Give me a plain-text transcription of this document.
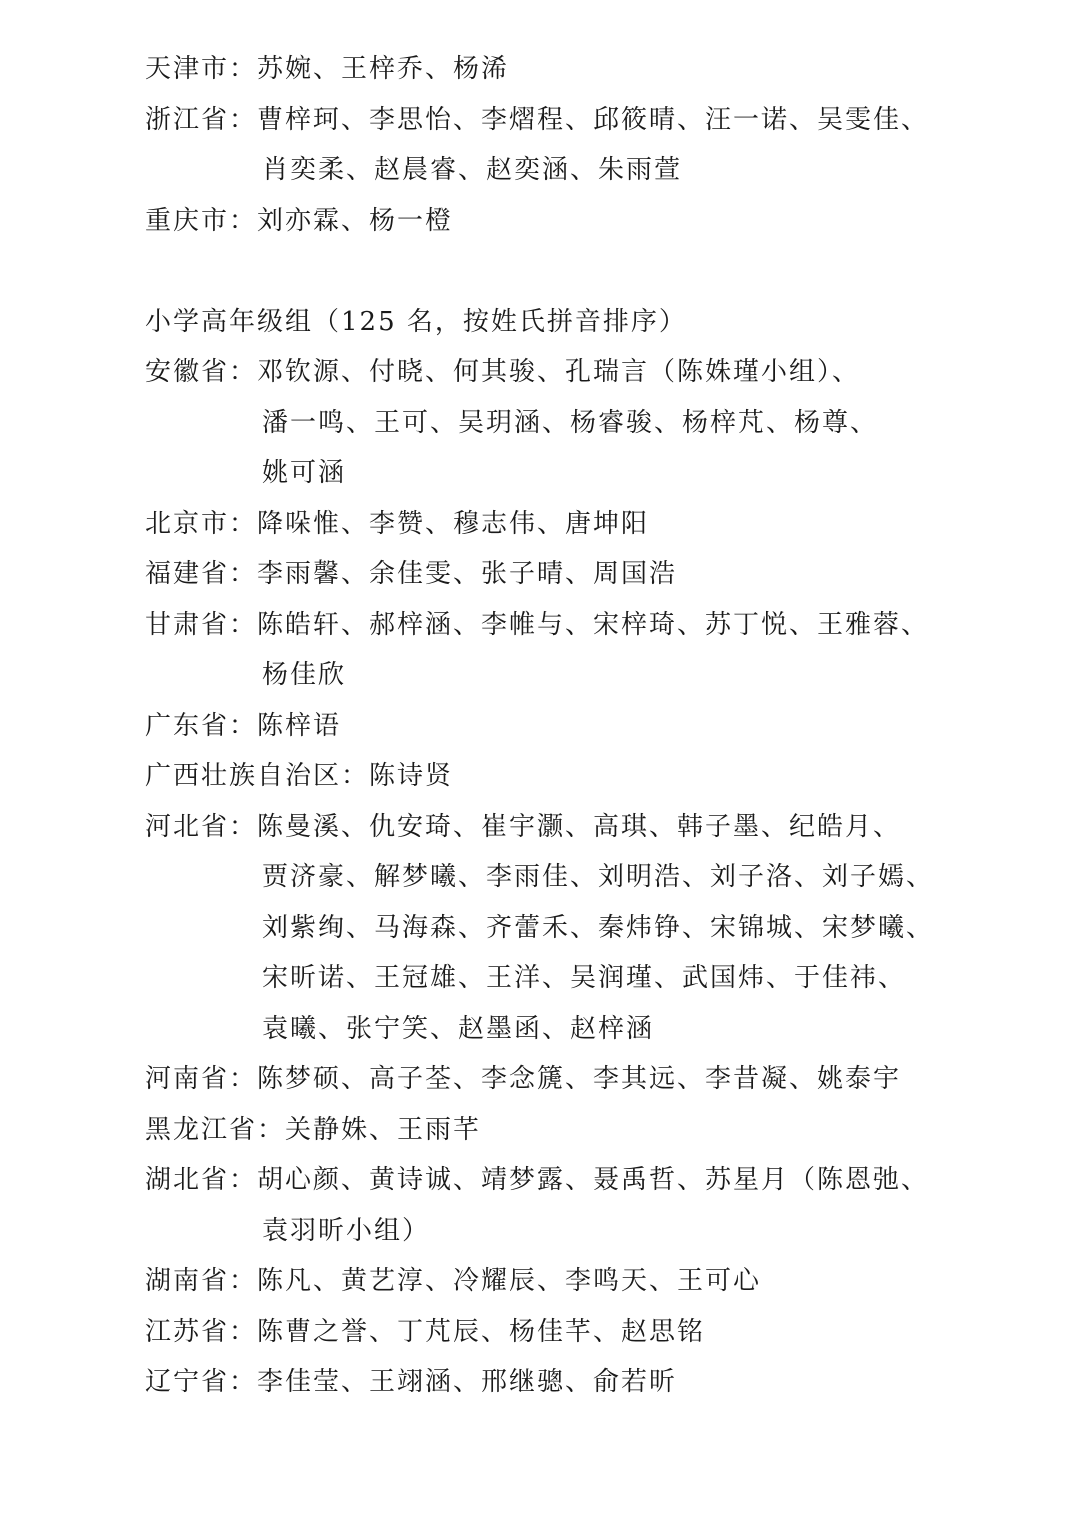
天津市： 苏婉、王梓乔、杨浠
浙江省： 曹梓珂、李思怡、李熠程、邱筱晴、汪一诺、吴雯佳、
肖奕柔、赵晨睿、赵奕涵、朱雨萱
重庆市： 刘亦霖、杨一橙
小学高年级组（125 名，按姓氏拼音排序）
安徽省： 邓钦源、付晓、何其骏、孔瑞言（陈姝瑾小组）、
潘一鸣、王可、吴玥涵、杨睿骏、杨梓芃、杨尊、
姚可涵
北京市： 降哚惟、李赞、穆志伟、唐坤阳
福建省： 李雨馨、余佳雯、张子晴、周国浩
甘肃省： 陈皓轩、郝梓涵、李帷与、宋梓琦、苏丁悦、王雅蓉、
杨佳欣
广东省： 陈梓语
广西壮族自治区： 陈诗贤
河北省： 陈曼溪、仇安琦、崔宇灏、高琪、韩子墨、纪皓月、
贾济豪、解梦曦、李雨佳、刘明浩、刘子洛、刘子嫣、
刘紫绚、马海森、齐蕾禾、秦炜铮、宋锦城、宋梦曦、
宋昕诺、王冠雄、王洋、吴润瑾、武国炜、于佳祎、
袁曦、张宁笑、赵墨函、赵梓涵
河南省： 陈梦硕、高子荃、李念篪、李其远、李昔凝、姚泰宇
黑龙江省： 关静姝、王雨芊
湖北省： 胡心颜、黄诗诚、靖梦露、聂禹哲、苏星月（陈恩弛、
袁羽昕小组）
湖南省： 陈凡、黄艺淳、冷耀辰、李鸣天、王可心
江苏省： 陈曹之誉、丁芃辰、杨佳芊、赵思铭
辽宁省： 李佳莹、王翊涵、邢继骢、俞若昕
